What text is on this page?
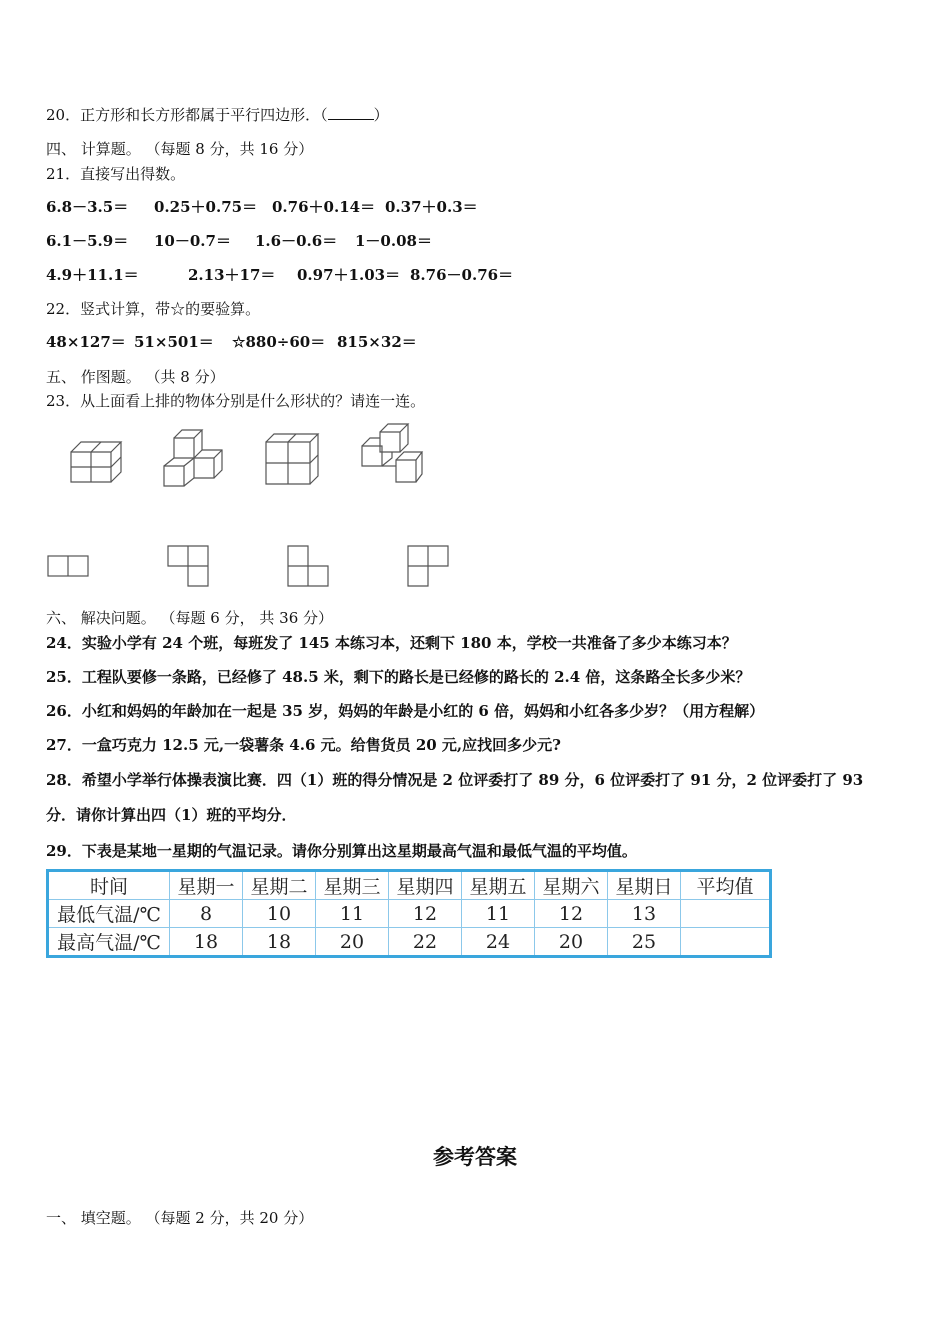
20．正方形和长方形都属于平行四边形．（	）
四、 计算题。 （每题 8 分，共 16 分）
21．直接写出得数。
6.8－3.5＝ 0.25＋0.75＝ 0.76＋0.14＝ 0.37＋0.3＝
6.1－5.9＝ 10－0.7＝ 1.6－0.6＝ 1－0.08＝
4.9＋11.1＝	2.13＋17＝ 0.97＋1.03＝ 8.76－0.76＝
22．竖式计算，带☆的要验算。
48×127＝ 51×501＝ ☆880÷60＝ 815×32＝
五、 作图题。 （共 8 分）
23．从上面看上排的物体分别是什么形状的？请连一连。
六、 解决问题。 （每题 6 分， 共 36 分）
24．实验小学有 24 个班，每班发了 145 本练习本，还剩下 180 本，学校一共准备了多少本练习本？
25．工程队要修一条路，已经修了 48.5 米，剩下的路长是已经修的路长的 2.4 倍，这条路全长多少米？
26．小红和妈妈的年龄加在一起是 35 岁，妈妈的年龄是小红的 6 倍，妈妈和小红各多少岁？（用方程解）
27．一盒巧克力 12.5 元,一袋薯条 4.6 元。给售货员 20 元,应找回多少元?
28．希望小学举行体操表演比赛．四（1）班的得分情况是 2 位评委打了 89 分，6 位评委打了 91 分，2 位评委打了 93
分．请你计算出四（1）班的平均分．
29．下表是某地一星期的气温记录。请你分别算出这星期最高气温和最低气温的平均值。
时间	星期一	星期二	星期三	星期四	星期五	星期六	星期日	平均值
最低气温/℃	8	10	11	12	11	12	13	
最高气温/℃	18	18	20	22	24	20	25	
参考答案
一、 填空题。 （每题 2 分，共 20 分）
